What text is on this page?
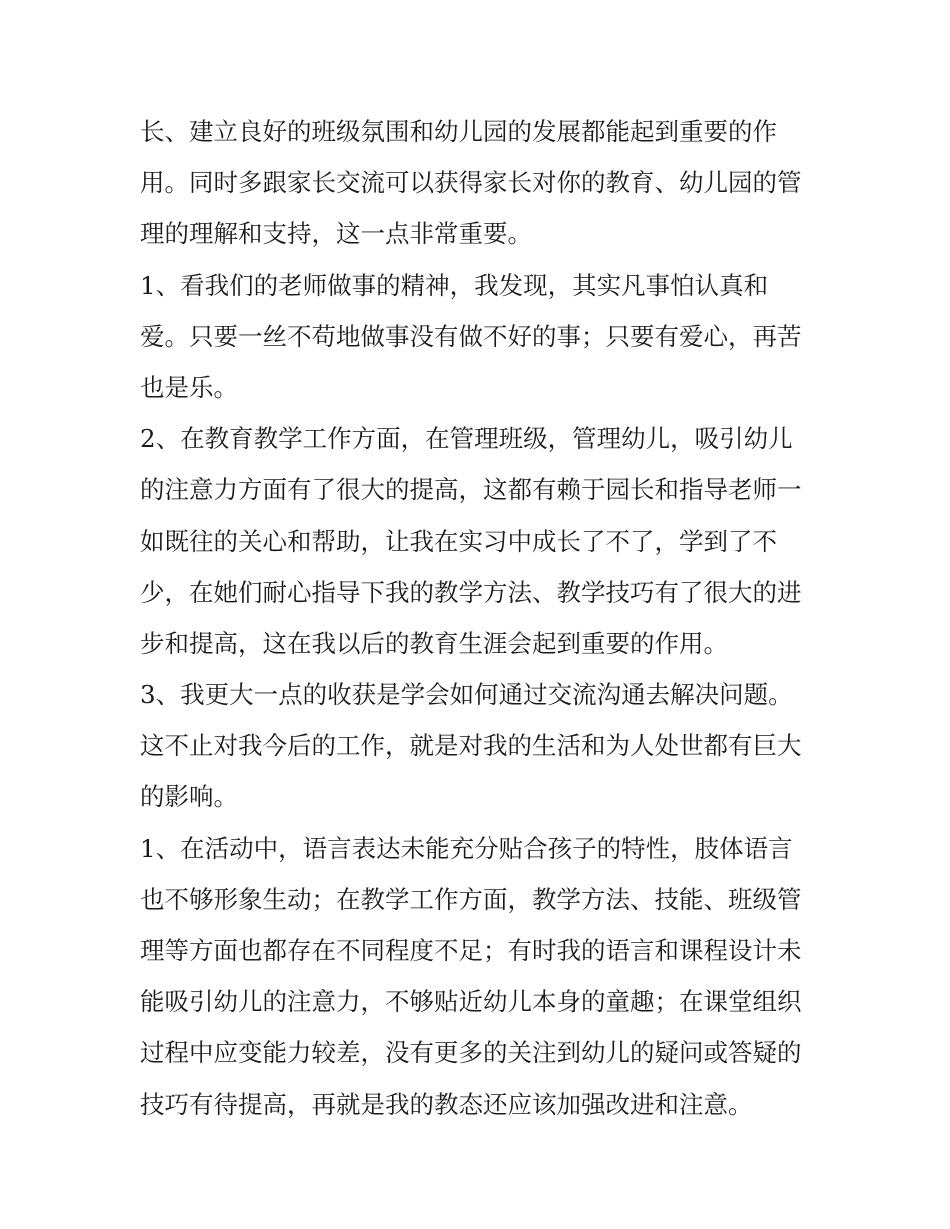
长、建立良好的班级氛围和幼儿园的发展都能起到重要的作
用。同时多跟家长交流可以获得家长对你的教育、幼儿园的管
理的理解和支持，这一点非常重要。
1、看我们的老师做事的精神，我发现，其实凡事怕认真和
爱。只要一丝不苟地做事没有做不好的事；只要有爱心，再苦
也是乐。
2、在教育教学工作方面，在管理班级，管理幼儿，吸引幼儿
的注意力方面有了很大的提高，这都有赖于园长和指导老师一
如既往的关心和帮助，让我在实习中成长了不了，学到了不
少，在她们耐心指导下我的教学方法、教学技巧有了很大的进
步和提高，这在我以后的教育生涯会起到重要的作用。
3、我更大一点的收获是学会如何通过交流沟通去解决问题。
这不止对我今后的工作，就是对我的生活和为人处世都有巨大
的影响。
1、在活动中，语言表达未能充分贴合孩子的特性，肢体语言
也不够形象生动；在教学工作方面，教学方法、技能、班级管
理等方面也都存在不同程度不足；有时我的语言和课程设计未
能吸引幼儿的注意力，不够贴近幼儿本身的童趣；在课堂组织
过程中应变能力较差，没有更多的关注到幼儿的疑问或答疑的
技巧有待提高，再就是我的教态还应该加强改进和注意。
